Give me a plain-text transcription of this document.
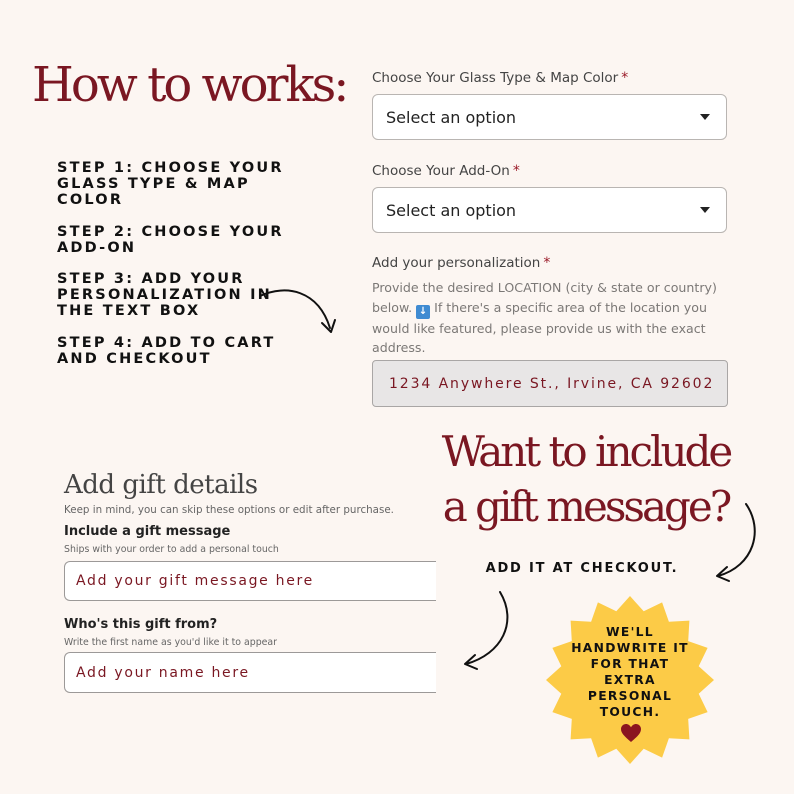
How to works:
STEP 1: CHOOSE YOUR GLASS TYPE & MAP COLOR
STEP 2: CHOOSE YOUR ADD-ON
STEP 3: ADD YOUR PERSONALIZATION IN THE TEXT BOX
STEP 4: ADD TO CART AND CHECKOUT
Choose Your Glass Type & Map Color *
Select an option
Choose Your Add-On *
Select an option
Add your personalization *
Provide the desired LOCATION (city & state or country) below. ↓ If there's a specific area of the location you would like featured, please provide us with the exact address.
1234 Anywhere St., Irvine, CA 92602
Add gift details
Keep in mind, you can skip these options or edit after purchase.
Include a gift message
Ships with your order to add a personal touch
Add your gift message here
Who's this gift from?
Write the first name as you'd like it to appear
Add your name here
Want to include
a gift message?
ADD IT AT CHECKOUT.
WE'LL
HANDWRITE IT
FOR THAT
EXTRA
PERSONAL
TOUCH.
